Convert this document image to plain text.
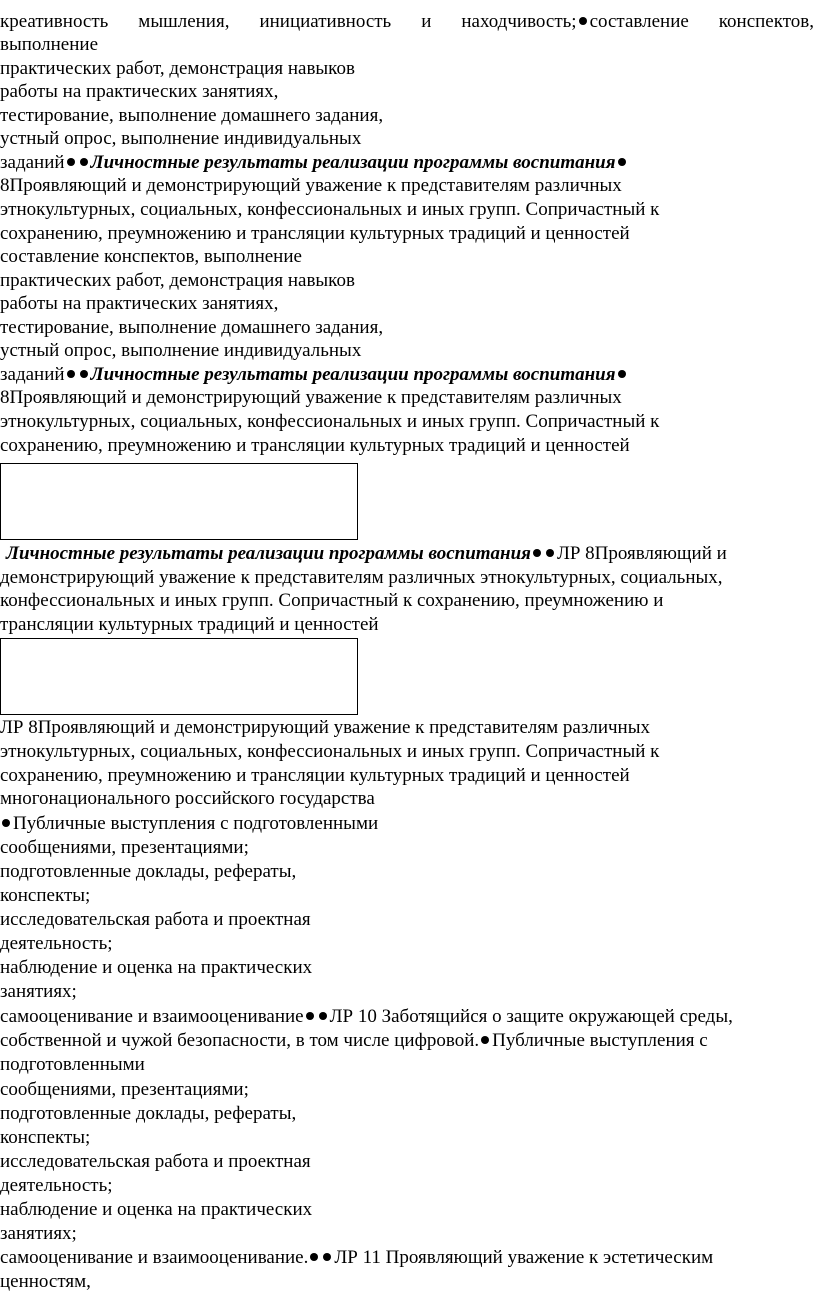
креативность мышления, инициативность и находчивость; составление конспектов,
выполнение
практических работ, демонстрация навыков
работы на практических занятиях,
тестирование, выполнение домашнего задания,
устный опрос, выполнение индивидуальных
заданий Личностные результаты реализации программы воспитания
8Проявляющий и демонстрирующий уважение к представителям различных
этнокультурных, социальных, конфессиональных и иных групп. Сопричастный к
сохранению, преумножению и трансляции культурных традиций и ценностей
составление конспектов, выполнение
практических работ, демонстрация навыков
работы на практических занятиях,
тестирование, выполнение домашнего задания,
устный опрос, выполнение индивидуальных
заданий Личностные результаты реализации программы воспитания
8Проявляющий и демонстрирующий уважение к представителям различных
этнокультурных, социальных, конфессиональных и иных групп. Сопричастный к
сохранению, преумножению и трансляции культурных традиций и ценностей
Личностные результаты реализации программы воспитания ЛР 8Проявляющий и
демонстрирующий уважение к представителям различных этнокультурных, социальных,
конфессиональных и иных групп. Сопричастный к сохранению, преумножению и
трансляции культурных традиций и ценностей
ЛР 8Проявляющий и демонстрирующий уважение к представителям различных
этнокультурных, социальных, конфессиональных и иных групп. Сопричастный к
сохранению, преумножению и трансляции культурных традиций и ценностей
многонационального российского государства
Публичные выступления с подготовленными
сообщениями, презентациями;
подготовленные доклады, рефераты,
конспекты;
исследовательская работа и проектная
деятельность;
наблюдение и оценка на практических
занятиях;
самооценивание и взаимооценивание ЛР 10 Заботящийся о защите окружающей среды,
собственной и чужой безопасности, в том числе цифровой. Публичные выступления с
подготовленными
сообщениями, презентациями;
подготовленные доклады, рефераты,
конспекты;
исследовательская работа и проектная
деятельность;
наблюдение и оценка на практических
занятиях;
самооценивание и взаимооценивание. ЛР 11 Проявляющий уважение к эстетическим
ценностям,
